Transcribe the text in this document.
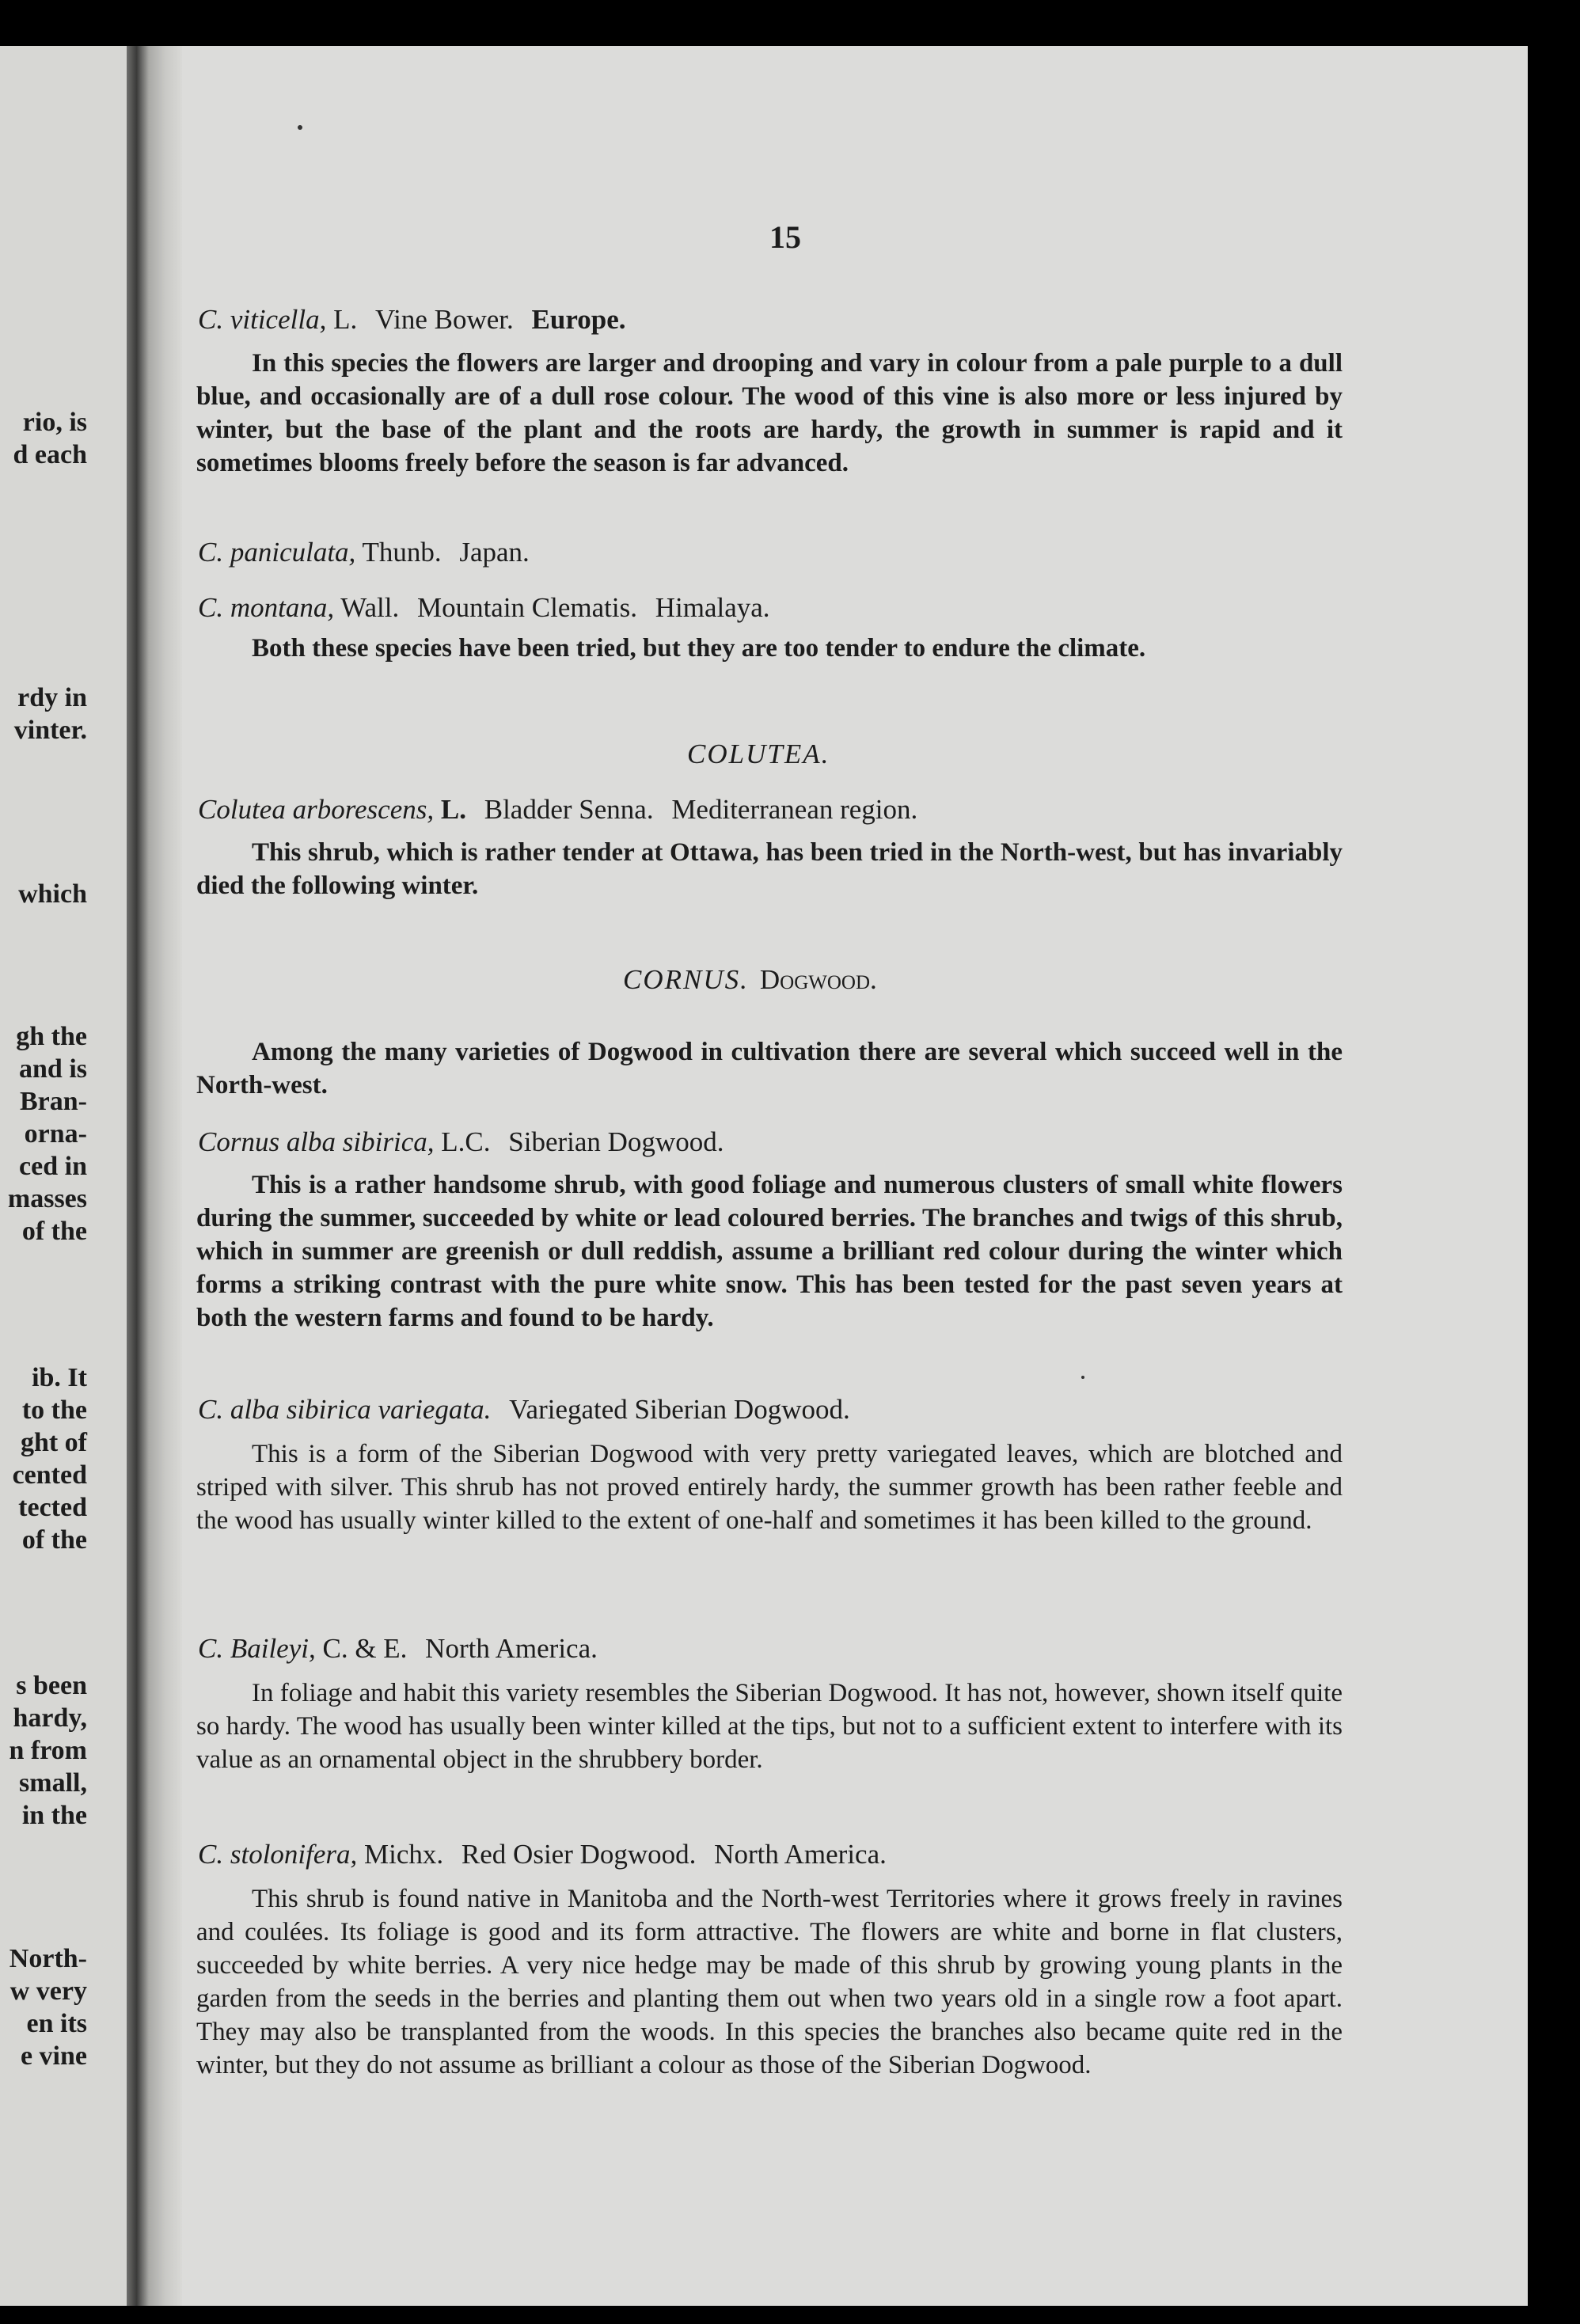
rio, is
d each
rdy in
vinter.
which
gh the
and is
Bran-
orna-
ced in
masses
of the
ib. It
to the
ght of
cented
tected
of the
s been
hardy,
n from
small,
in the
North-
w very
en its
e vine
15
C. viticella, L. Vine Bower. Europe.
In this species the flowers are larger and drooping and vary in colour from a pale purple to a dull blue, and occasionally are of a dull rose colour. The wood of this vine is also more or less injured by winter, but the base of the plant and the roots are hardy, the growth in summer is rapid and it sometimes blooms freely before the season is far advanced.
C. paniculata, Thunb. Japan.
C. montana, Wall. Mountain Clematis. Himalaya.
Both these species have been tried, but they are too tender to endure the climate.
COLUTEA.
Colutea arborescens, L. Bladder Senna. Mediterranean region.
This shrub, which is rather tender at Ottawa, has been tried in the North-west, but has invariably died the following winter.
CORNUS. Dogwood.
Among the many varieties of Dogwood in cultivation there are several which succeed well in the North-west.
Cornus alba sibirica, L.C. Siberian Dogwood.
This is a rather handsome shrub, with good foliage and numerous clusters of small white flowers during the summer, succeeded by white or lead coloured berries. The branches and twigs of this shrub, which in summer are greenish or dull reddish, assume a brilliant red colour during the winter which forms a striking contrast with the pure white snow. This has been tested for the past seven years at both the western farms and found to be hardy.
C. alba sibirica variegata. Variegated Siberian Dogwood.
This is a form of the Siberian Dogwood with very pretty variegated leaves, which are blotched and striped with silver. This shrub has not proved entirely hardy, the summer growth has been rather feeble and the wood has usually winter killed to the extent of one-half and sometimes it has been killed to the ground.
C. Baileyi, C. & E. North America.
In foliage and habit this variety resembles the Siberian Dogwood. It has not, however, shown itself quite so hardy. The wood has usually been winter killed at the tips, but not to a sufficient extent to interfere with its value as an ornamental object in the shrubbery border.
C. stolonifera, Michx. Red Osier Dogwood. North America.
This shrub is found native in Manitoba and the North-west Territories where it grows freely in ravines and coulées. Its foliage is good and its form attractive. The flowers are white and borne in flat clusters, succeeded by white berries. A very nice hedge may be made of this shrub by growing young plants in the garden from the seeds in the berries and planting them out when two years old in a single row a foot apart. They may also be transplanted from the woods. In this species the branches also became quite red in the winter, but they do not assume as brilliant a colour as those of the Siberian Dogwood.
